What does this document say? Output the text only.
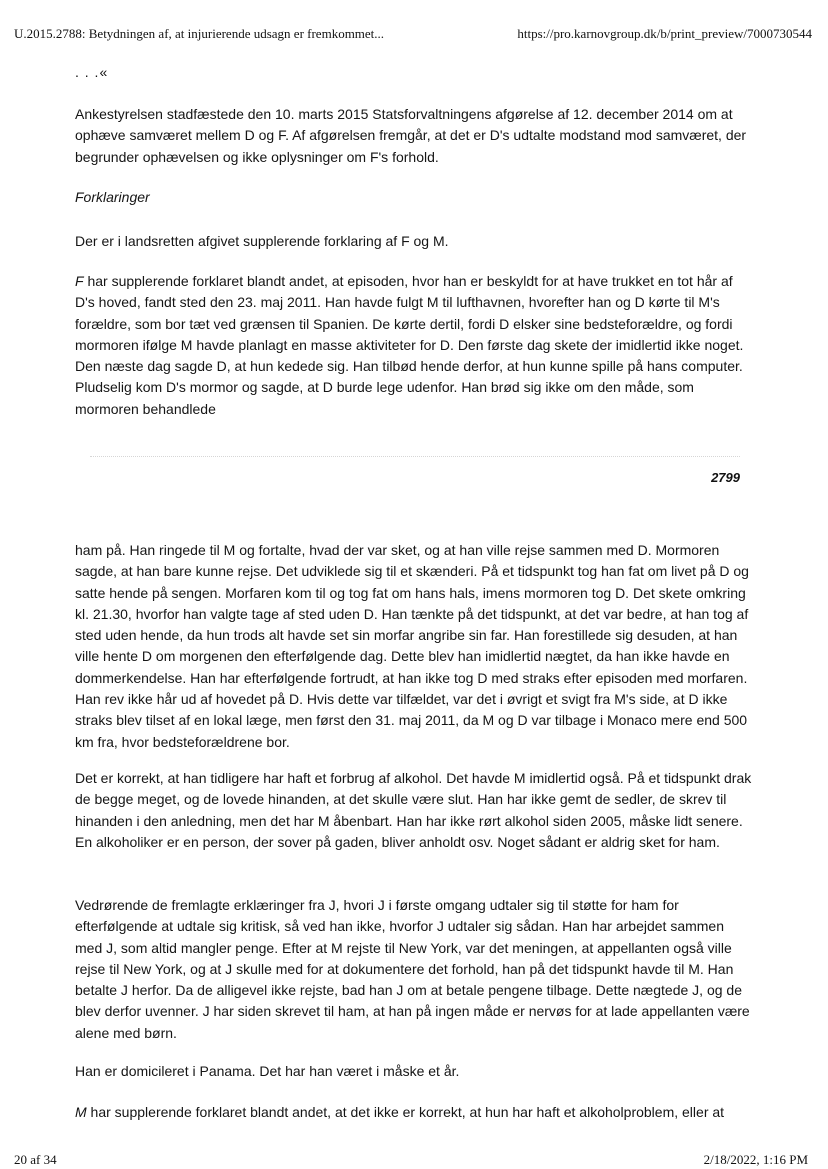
U.2015.2788: Betydningen af, at injurierende udsagn er fremkommet...	https://pro.karnovgroup.dk/b/print_preview/7000730544
. . .«

Ankestyrelsen stadfæstede den 10. marts 2015 Statsforvaltningens afgørelse af 12. december 2014 om at ophæve samværet mellem D og F. Af afgørelsen fremgår, at det er D's udtalte modstand mod samværet, der begrunder ophævelsen og ikke oplysninger om F's forhold.

Forklaringer

Der er i landsretten afgivet supplerende forklaring af F og M.

F har supplerende forklaret blandt andet, at episoden, hvor han er beskyldt for at have trukket en tot hår af D's hoved, fandt sted den 23. maj 2011. Han havde fulgt M til lufthavnen, hvorefter han og D kørte til M's forældre, som bor tæt ved grænsen til Spanien. De kørte dertil, fordi D elsker sine bedsteforældre, og fordi mormoren ifølge M havde planlagt en masse aktiviteter for D. Den første dag skete der imidlertid ikke noget. Den næste dag sagde D, at hun kedede sig. Han tilbød hende derfor, at hun kunne spille på hans computer. Pludselig kom D's mormor og sagde, at D burde lege udenfor. Han brød sig ikke om den måde, som mormoren behandlede

2799

ham på. Han ringede til M og fortalte, hvad der var sket, og at han ville rejse sammen med D. Mormoren sagde, at han bare kunne rejse. Det udviklede sig til et skænderi. På et tidspunkt tog han fat om livet på D og satte hende på sengen. Morfaren kom til og tog fat om hans hals, imens mormoren tog D. Det skete omkring kl. 21.30, hvorfor han valgte tage af sted uden D. Han tænkte på det tidspunkt, at det var bedre, at han tog af sted uden hende, da hun trods alt havde set sin morfar angribe sin far. Han forestillede sig desuden, at han ville hente D om morgenen den efterfølgende dag. Dette blev han imidlertid nægtet, da han ikke havde en dommerkendelse. Han har efterfølgende fortrudt, at han ikke tog D med straks efter episoden med morfaren. Han rev ikke hår ud af hovedet på D. Hvis dette var tilfældet, var det i øvrigt et svigt fra M's side, at D ikke straks blev tilset af en lokal læge, men først den 31. maj 2011, da M og D var tilbage i Monaco mere end 500 km fra, hvor bedsteforældrene bor.

Det er korrekt, at han tidligere har haft et forbrug af alkohol. Det havde M imidlertid også. På et tidspunkt drak de begge meget, og de lovede hinanden, at det skulle være slut. Han har ikke gemt de sedler, de skrev til hinanden i den anledning, men det har M åbenbart. Han har ikke rørt alkohol siden 2005, måske lidt senere. En alkoholiker er en person, der sover på gaden, bliver anholdt osv. Noget sådant er aldrig sket for ham.

Vedrørende de fremlagte erklæringer fra J, hvori J i første omgang udtaler sig til støtte for ham for efterfølgende at udtale sig kritisk, så ved han ikke, hvorfor J udtaler sig sådan. Han har arbejdet sammen med J, som altid mangler penge. Efter at M rejste til New York, var det meningen, at appellanten også ville rejse til New York, og at J skulle med for at dokumentere det forhold, han på det tidspunkt havde til M. Han betalte J herfor. Da de alligevel ikke rejste, bad han J om at betale pengene tilbage. Dette nægtede J, og de blev derfor uvenner. J har siden skrevet til ham, at han på ingen måde er nervøs for at lade appellanten være alene med børn.

Han er domicileret i Panama. Det har han været i måske et år.

M har supplerende forklaret blandt andet, at det ikke er korrekt, at hun har haft et alkoholproblem, eller at

20 af 34	2/18/2022, 1:16 PM
